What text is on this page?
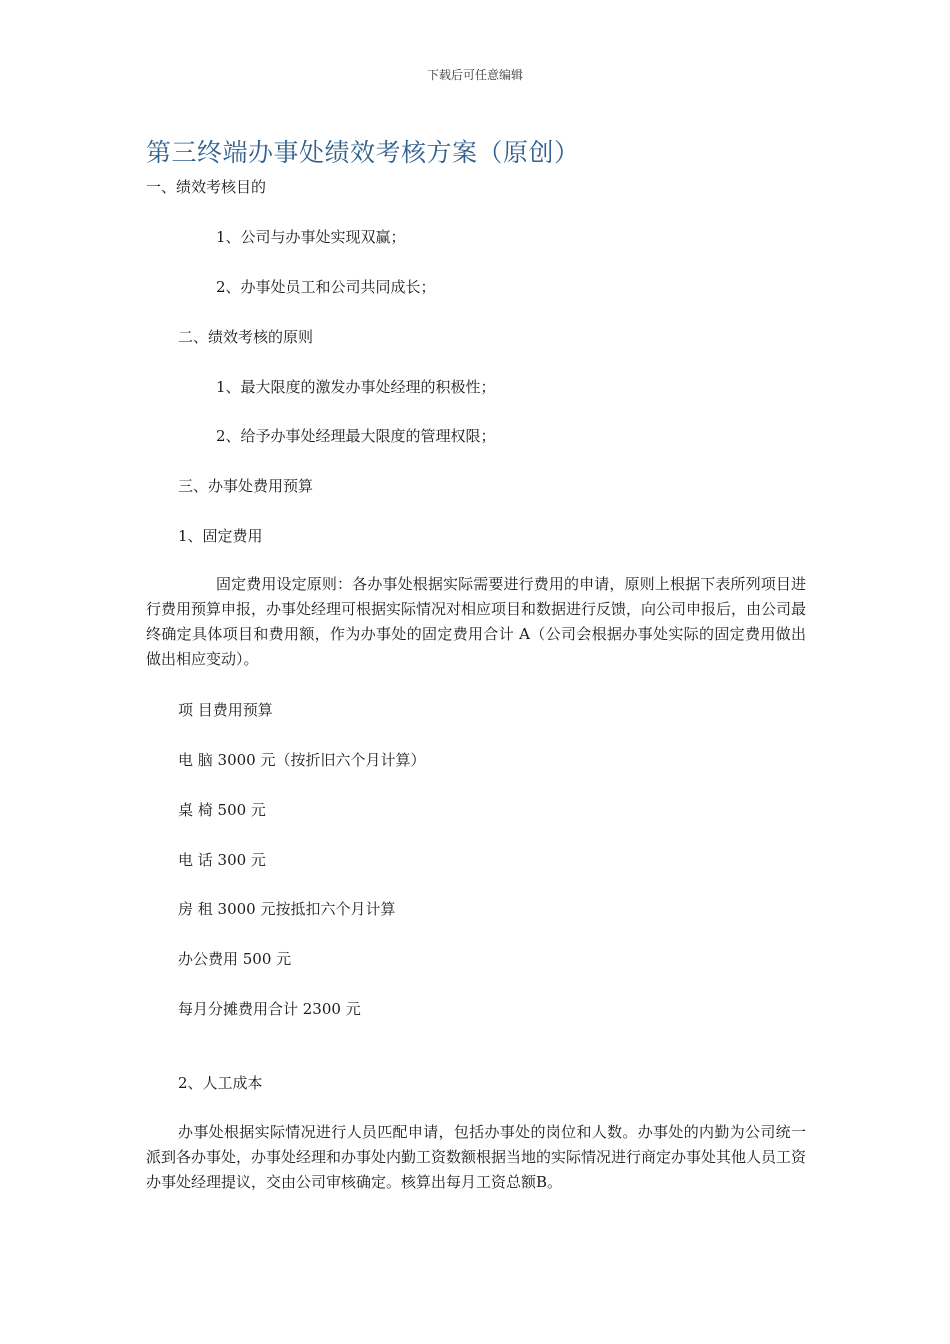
下载后可任意编辑
第三终端办事处绩效考核方案（原创）
一、绩效考核目的
1、公司与办事处实现双赢；
2、办事处员工和公司共同成长；
二、绩效考核的原则
1、最大限度的激发办事处经理的积极性；
2、给予办事处经理最大限度的管理权限；
三、办事处费用预算
1、固定费用
固定费用设定原则：各办事处根据实际需要进行费用的申请，原则上根据下表所列项目进行费用预算申报，办事处经理可根据实际情况对相应项目和数据进行反馈，向公司申报后，由公司最终确定具体项目和费用额，作为办事处的固定费用合计 A（公司会根据办事处实际的固定费用做出做出相应变动）。
项 目费用预算
电 脑 3000 元（按折旧六个月计算）
桌 椅 500 元
电 话 300 元
房 租 3000 元按抵扣六个月计算
办公费用 500 元
每月分摊费用合计 2300 元
2、人工成本
办事处根据实际情况进行人员匹配申请，包括办事处的岗位和人数。办事处的内勤为公司统一派到各办事处，办事处经理和办事处内勤工资数额根据当地的实际情况进行商定办事处其他人员工资办事处经理提议，交由公司审核确定。核算出每月工资总额B。
